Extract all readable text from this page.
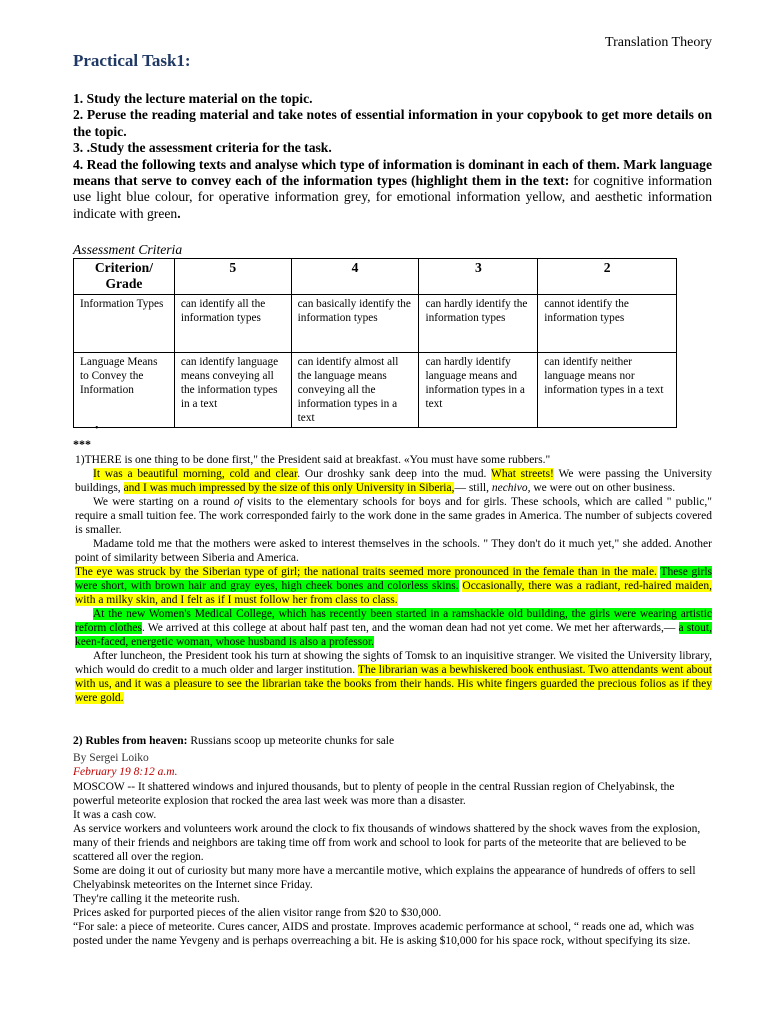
Translation Theory
Practical Task1:

1. Study the lecture material on the topic.

2. Peruse the reading material and take notes of essential information in your copybook to get more details on the topic.

3. .Study the assessment criteria for the task.

4. Read the following texts and analyse which type of information is dominant in each of them. Mark language means that serve to convey each of the information types (highlight them in the text: for cognitive information use light blue colour, for operative information grey, for emotional information yellow, and aesthetic information indicate with green.

Assessment Criteria
Criterion/ Grade	5	4	3	2
Information Types	can identify all the information types	can basically identify the information types	can hardly identify the information types	cannot identify the information types
Language Means to Convey the Information	can identify language means conveying all the information types in a text	can identify almost all the language means conveying all the information types in a text	can hardly identify language means and information types in a text	can identify neither language means nor information types in a text
•
***

1)THERE is one thing to be done first," the President said at breakfast. «You must have some rubbers."

It was a beautiful morning, cold and clear. Our droshky sank deep into the mud. What streets! We were passing the University buildings, and I was much impressed by the size of this only University in Siberia,— still, nechivo, we were out on other business.

We were starting on a round of visits to the elementary schools for boys and for girls. These schools, which are called " public," require a small tuition fee. The work corresponded fairly to the work done in the same grades in America. The number of subjects covered is smaller.

Madame told me that the mothers were asked to interest themselves in the schools. " They don't do it much yet," she added. Another point of similarity between Siberia and America.

The eye was struck by the Siberian type of girl; the national traits seemed more pronounced in the female than in the male. These girls were short, with brown hair and gray eyes, high cheek bones and colorless skins. Occasionally, there was a radiant, red-haired maiden, with a milky skin, and I felt as if I must follow her from class to class.

At the new Women's Medical College, which has recently been started in a ramshackle old building, the girls were wearing artistic reform clothes. We arrived at this college at about half past ten, and the woman dean had not yet come. We met her afterwards,— a stout, keen-faced, energetic woman, whose husband is also a professor.

After luncheon, the President took his turn at showing the sights of Tomsk to an inquisitive stranger. We visited the University library, which would do credit to a much older and larger institution. The librarian was a bewhiskered book enthusiast. Two attendants went about with us, and it was a pleasure to see the librarian take the books from their hands. His white fingers guarded the precious folios as if they were gold.

2) Rubles from heaven: Russians scoop up meteorite chunks for sale
By Sergei Loiko
February 19 8:12 a.m.

MOSCOW -- It shattered windows and injured thousands, but to plenty of people in the central Russian region of Chelyabinsk, the powerful meteorite explosion that rocked the area last week was more than a disaster.

It was a cash cow.

As service workers and volunteers work around the clock to fix thousands of windows shattered by the shock waves from the explosion, many of their friends and neighbors are taking time off from work and school to look for parts of the meteorite that are believed to be scattered all over the region.

Some are doing it out of curiosity but many more have a mercantile motive, which explains the appearance of hundreds of offers to sell Chelyabinsk meteorites on the Internet since Friday.

They're calling it the meteorite rush.

Prices asked for purported pieces of the alien visitor range from $20 to $30,000.

“For sale: a piece of meteorite. Cures cancer, AIDS and prostate. Improves academic performance at school, “ reads one ad, which was posted under the name Yevgeny and is perhaps overreaching a bit. He is asking $10,000 for his space rock, without specifying its size.
